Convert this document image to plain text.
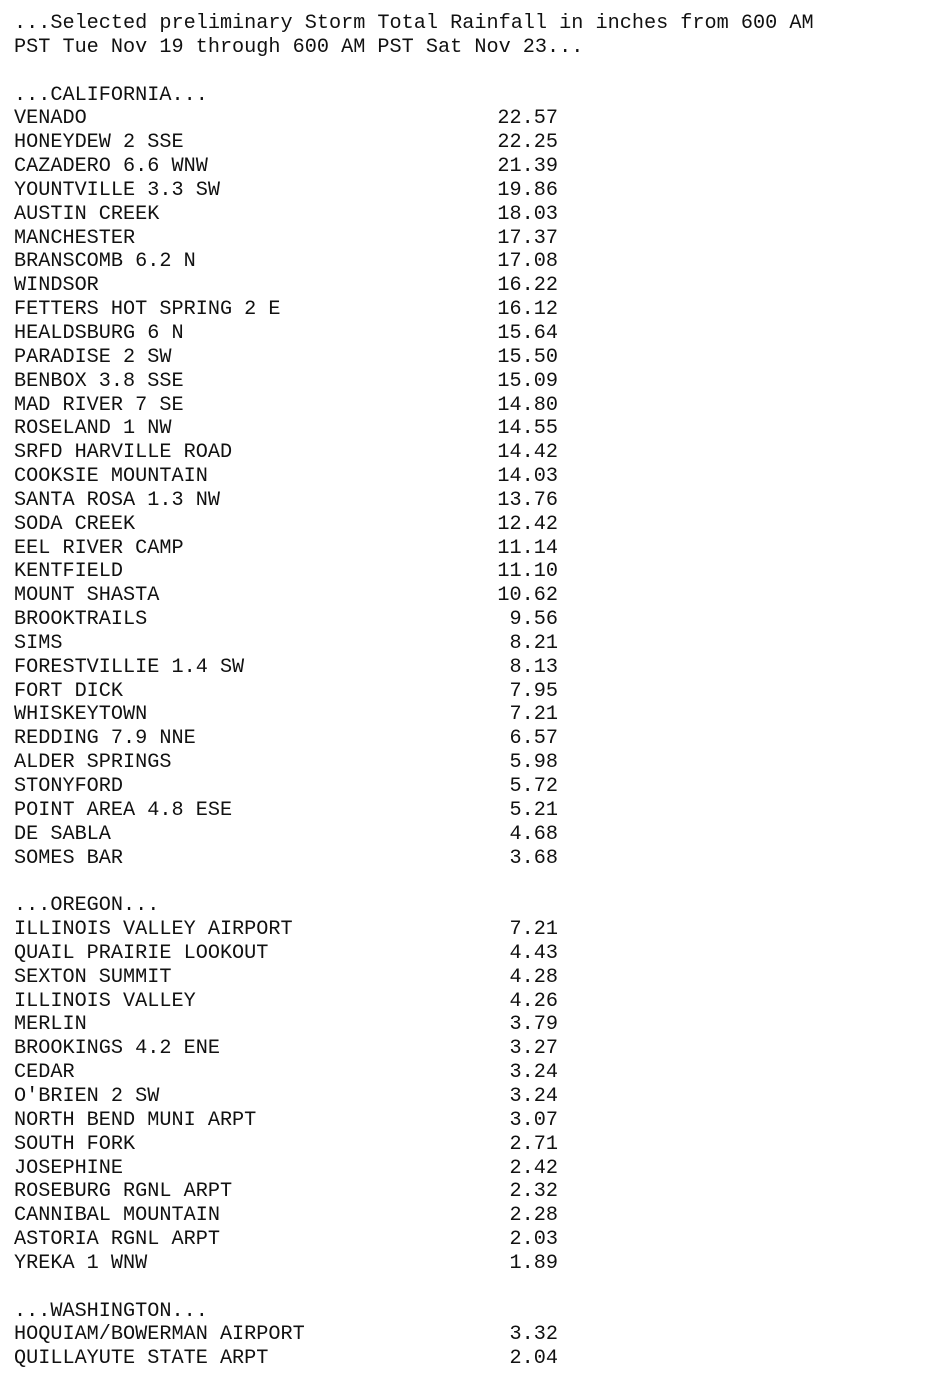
...Selected preliminary Storm Total Rainfall in inches from 600 AM
PST Tue Nov 19 through 600 AM PST Sat Nov 23...
...CALIFORNIA...
VENADO	22.57
HONEYDEW 2 SSE	22.25
CAZADERO 6.6 WNW	21.39
YOUNTVILLE 3.3 SW	19.86
AUSTIN CREEK	18.03
MANCHESTER	17.37
BRANSCOMB 6.2 N	17.08
WINDSOR	16.22
FETTERS HOT SPRING 2 E	16.12
HEALDSBURG 6 N	15.64
PARADISE 2 SW	15.50
BENBOX 3.8 SSE	15.09
MAD RIVER 7 SE	14.80
ROSELAND 1 NW	14.55
SRFD HARVILLE ROAD	14.42
COOKSIE MOUNTAIN	14.03
SANTA ROSA 1.3 NW	13.76
SODA CREEK	12.42
EEL RIVER CAMP	11.14
KENTFIELD	11.10
MOUNT SHASTA	10.62
BROOKTRAILS	9.56
SIMS	8.21
FORESTVILLIE 1.4 SW	8.13
FORT DICK	7.95
WHISKEYTOWN	7.21
REDDING 7.9 NNE	6.57
ALDER SPRINGS	5.98
STONYFORD	5.72
POINT AREA 4.8 ESE	5.21
DE SABLA	4.68
SOMES BAR	3.68
...OREGON...
ILLINOIS VALLEY AIRPORT	7.21
QUAIL PRAIRIE LOOKOUT	4.43
SEXTON SUMMIT	4.28
ILLINOIS VALLEY	4.26
MERLIN	3.79
BROOKINGS 4.2 ENE	3.27
CEDAR	3.24
O'BRIEN 2 SW	3.24
NORTH BEND MUNI ARPT	3.07
SOUTH FORK	2.71
JOSEPHINE	2.42
ROSEBURG RGNL ARPT	2.32
CANNIBAL MOUNTAIN	2.28
ASTORIA RGNL ARPT	2.03
YREKA 1 WNW	1.89
...WASHINGTON...
HOQUIAM/BOWERMAN AIRPORT	3.32
QUILLAYUTE STATE ARPT	2.04
